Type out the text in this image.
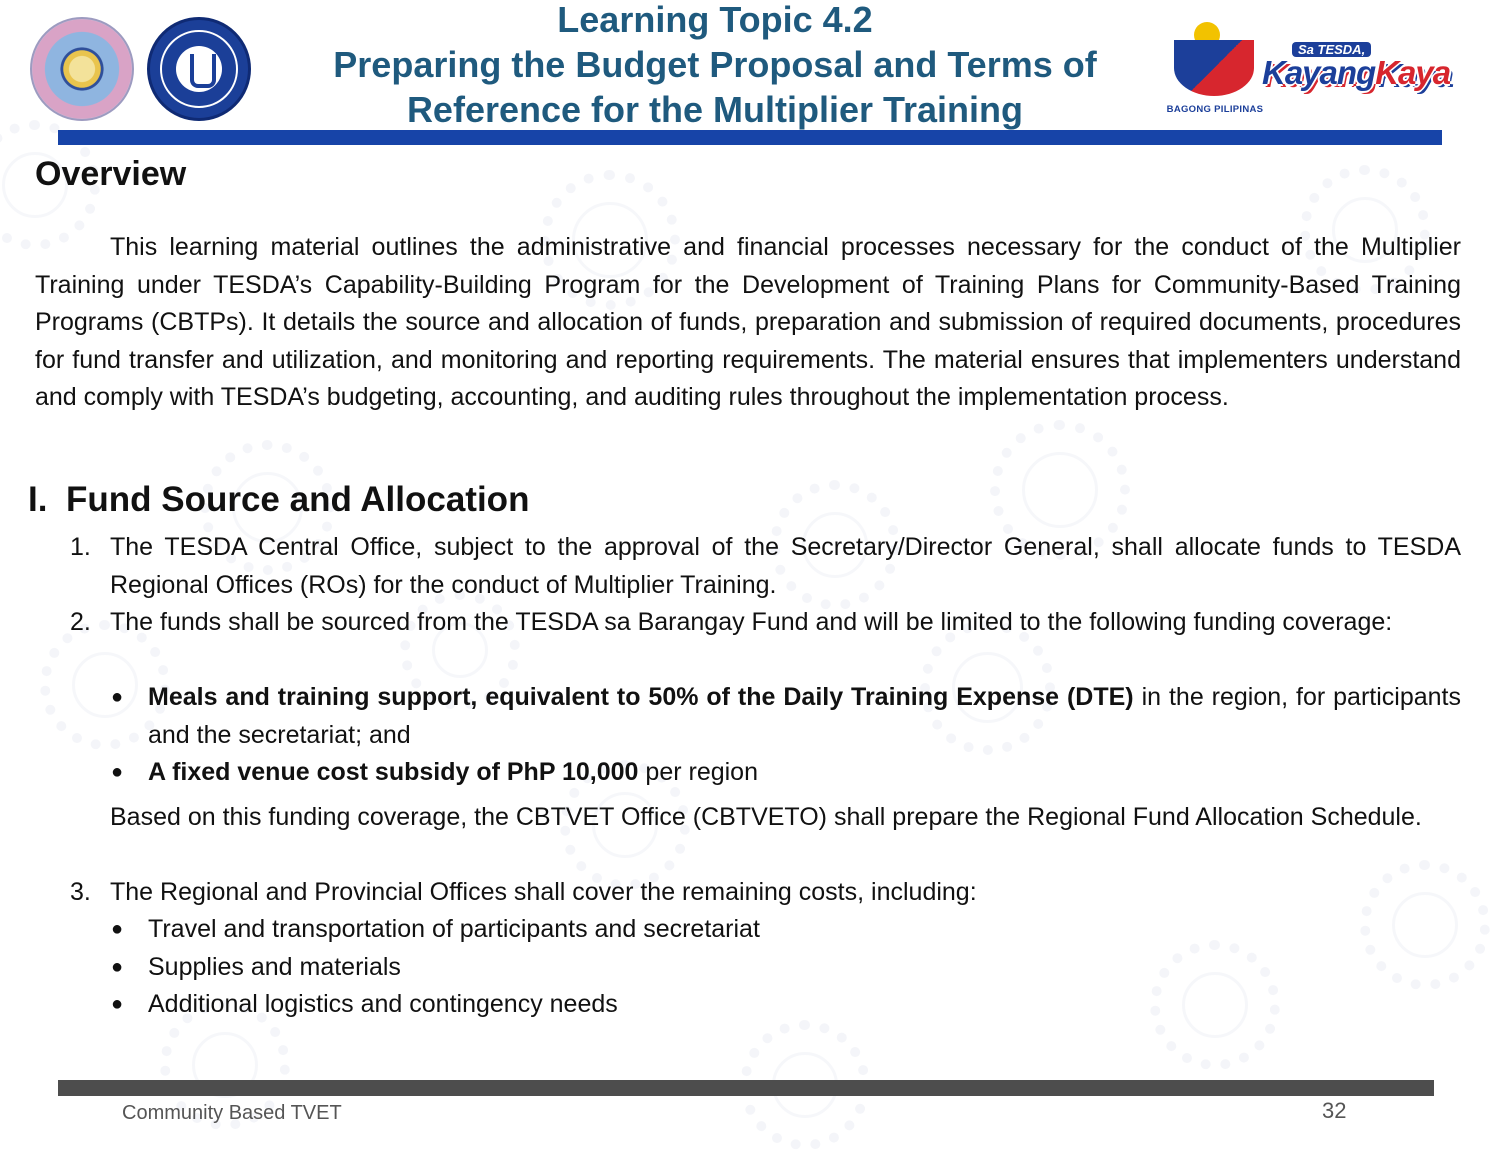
Learning Topic 4.2
Preparing the Budget Proposal and Terms of
Reference for the Multiplier Training	BAGONG PILIPINAS
Sa TESDA,
KayangKaya
Overview
This learning material outlines the administrative and financial processes necessary for the conduct of the Multiplier Training under TESDA’s Capability-Building Program for the Development of Training Plans for Community-Based Training Programs (CBTPs). It details the source and allocation of funds, preparation and submission of required documents, procedures for fund transfer and utilization, and monitoring and reporting requirements. The material ensures that implementers understand and comply with TESDA’s budgeting, accounting, and auditing rules throughout the implementation process.
I. Fund Source and Allocation
1. The TESDA Central Office, subject to the approval of the Secretary/Director General, shall allocate funds to TESDA Regional Offices (ROs) for the conduct of Multiplier Training.
2. The funds shall be sourced from the TESDA sa Barangay Fund and will be limited to the following funding coverage:
● Meals and training support, equivalent to 50% of the Daily Training Expense (DTE) in the region, for participants and the secretariat; and
● A fixed venue cost subsidy of PhP 10,000 per region
Based on this funding coverage, the CBTVET Office (CBTVETO) shall prepare the Regional Fund Allocation Schedule.
3. The Regional and Provincial Offices shall cover the remaining costs, including:
● Travel and transportation of participants and secretariat
● Supplies and materials
● Additional logistics and contingency needs
Community Based TVET	32
